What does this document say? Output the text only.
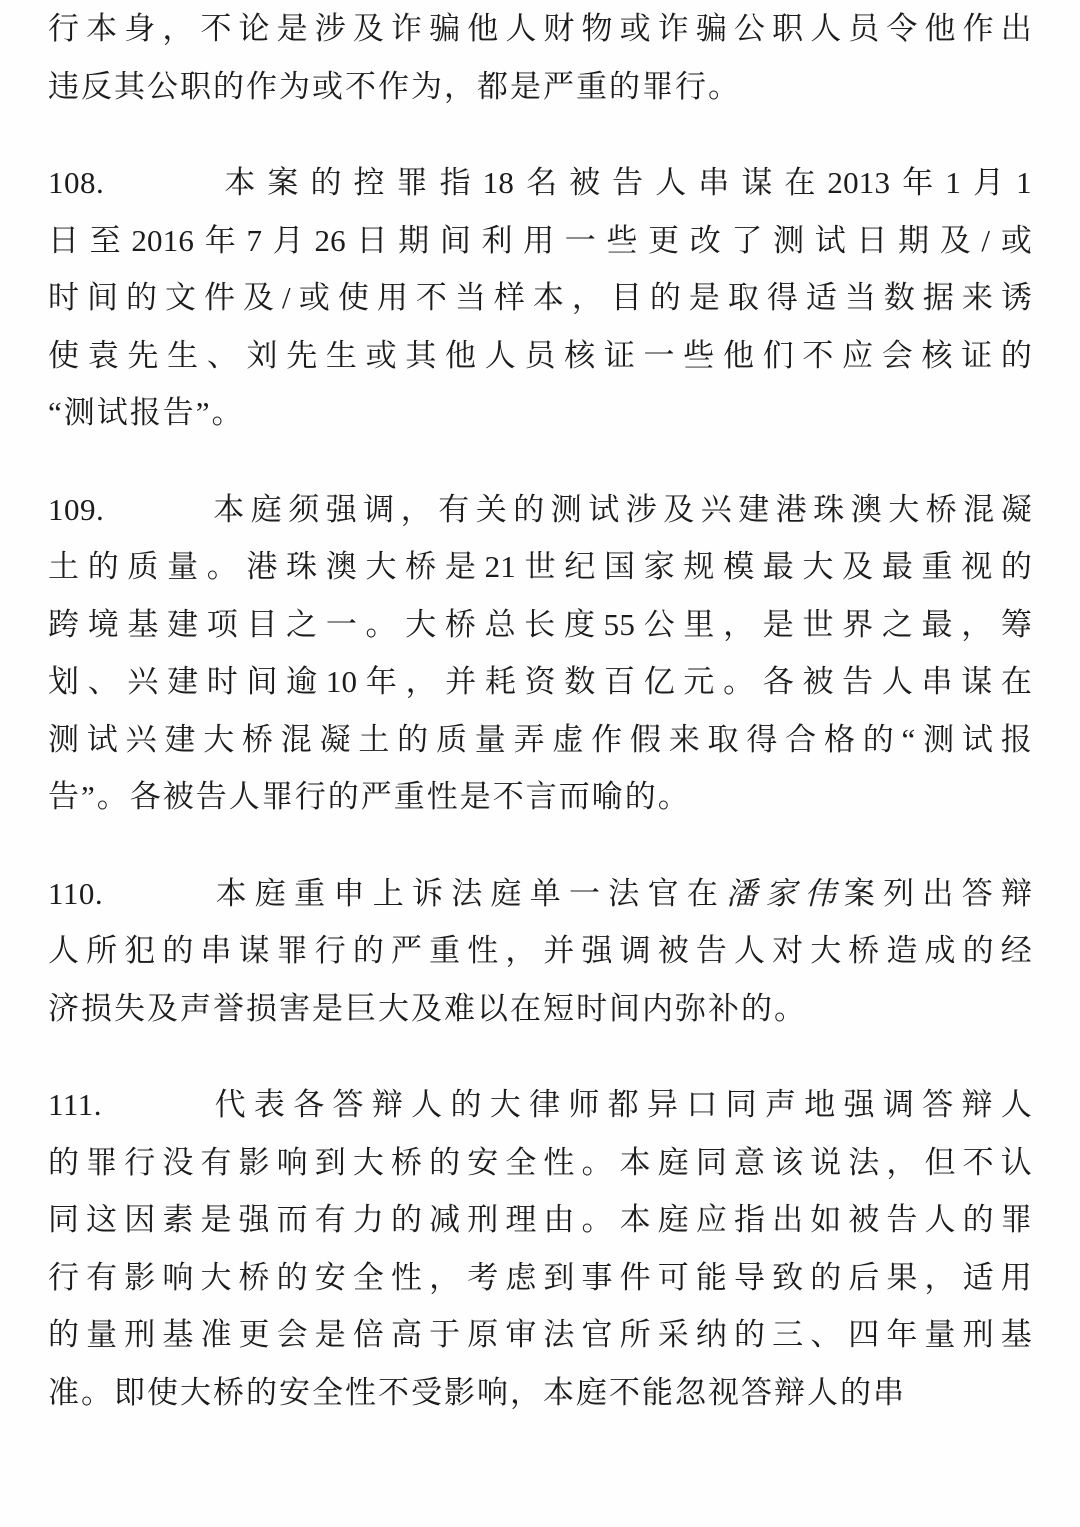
行 本 身 ， 不 论 是 涉 及 诈 骗 他 人 财 物 或 诈 骗 公 职 人 员 令 他 作 出
违 反 其 公 职 的 作 为 或 不 作 为 ， 都 是 严 重 的 罪 行 。
108.	本 案 的 控 罪 指 18 名 被 告 人 串 谋 在 2013 年 1 月 1
日 至 2016 年 7 月 26 日 期 间 利 用 一 些 更 改 了 测 试 日 期 及 / 或
时 间 的 文 件 及 / 或 使 用 不 当 样 本 ， 目 的 是 取 得 适 当 数 据 来 诱
使 袁 先 生 、 刘 先 生 或 其 他 人 员 核 证 一 些 他 们 不 应 会 核 证 的
“ 测 试 报 告 ” 。
109.	本 庭 须 强 调 ， 有 关 的 测 试 涉 及 兴 建 港 珠 澳 大 桥 混 凝
土 的 质 量 。 港 珠 澳 大 桥 是 21 世 纪 国 家 规 模 最 大 及 最 重 视 的
跨 境 基 建 项 目 之 一 。 大 桥 总 长 度 55 公 里 ， 是 世 界 之 最 ， 筹
划 、 兴 建 时 间 逾 10 年 ， 并 耗 资 数 百 亿 元 。 各 被 告 人 串 谋 在
测 试 兴 建 大 桥 混 凝 土 的 质 量 弄 虚 作 假 来 取 得 合 格 的 “ 测 试 报
告 ” 。 各 被 告 人 罪 行 的 严 重 性 是 不 言 而 喻 的 。
110.	本 庭 重 申 上 诉 法 庭 单 一 法 官 在 潘 家 伟 案 列 出 答 辩
人 所 犯 的 串 谋 罪 行 的 严 重 性 ， 并 强 调 被 告 人 对 大 桥 造 成 的 经
济 损 失 及 声 誉 损 害 是 巨 大 及 难 以 在 短 时 间 内 弥 补 的 。
111.	代 表 各 答 辩 人 的 大 律 师 都 异 口 同 声 地 强 调 答 辩 人
的 罪 行 没 有 影 响 到 大 桥 的 安 全 性 。 本 庭 同 意 该 说 法 ， 但 不 认
同 这 因 素 是 强 而 有 力 的 减 刑 理 由 。 本 庭 应 指 出 如 被 告 人 的 罪
行 有 影 响 大 桥 的 安 全 性 ， 考 虑 到 事 件 可 能 导 致 的 后 果 ， 适 用
的 量 刑 基 准 更 会 是 倍 高 于 原 审 法 官 所 采 纳 的 三 、 四 年 量 刑 基
准 。 即 使 大 桥 的 安 全 性 不 受 影 响 ， 本 庭 不 能 忽 视 答 辩 人 的 串
